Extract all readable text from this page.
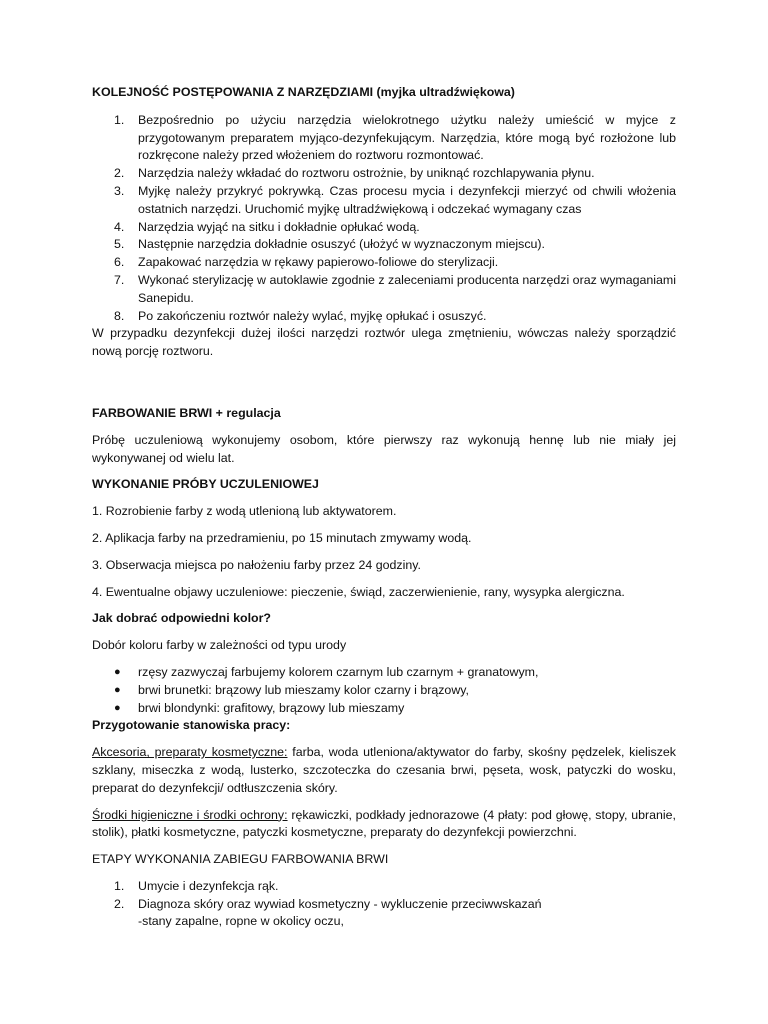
KOLEJNOŚĆ POSTĘPOWANIA Z NARZĘDZIAMI (myjka ultradźwiękowa)
1.	Bezpośrednio po użyciu narzędzia wielokrotnego użytku należy umieścić w myjce z przygotowanym preparatem myjąco-dezynfekującym. Narzędzia, które mogą być rozłożone lub rozkręcone należy przed włożeniem do roztworu rozmontować.
2.	Narzędzia należy wkładać do roztworu ostrożnie, by uniknąć rozchlapywania płynu.
3.	Myjkę należy przykryć pokrywką. Czas procesu mycia i dezynfekcji mierzyć od chwili włożenia ostatnich narzędzi. Uruchomić myjkę ultradźwiękową i odczekać wymagany czas
4.	Narzędzia wyjąć na sitku i dokładnie opłukać wodą.
5.	Następnie narzędzia dokładnie osuszyć (ułożyć w wyznaczonym miejscu).
6.	Zapakować narzędzia w rękawy papierowo-foliowe do sterylizacji.
7.	Wykonać sterylizację w autoklawie zgodnie z zaleceniami producenta narzędzi oraz wymaganiami Sanepidu.
8.	Po zakończeniu roztwór należy wylać, myjkę opłukać i osuszyć.

W przypadku dezynfekcji dużej ilości narzędzi roztwór ulega zmętnieniu, wówczas należy sporządzić nową porcję roztworu.

FARBOWANIE BRWI + regulacja

Próbę uczuleniową wykonujemy osobom, które pierwszy raz wykonują hennę lub nie miały jej wykonywanej od wielu lat.

WYKONANIE PRÓBY UCZULENIOWEJ

1. Rozrobienie farby z wodą utlenioną lub aktywatorem.

2. Aplikacja farby na przedramieniu, po 15 minutach zmywamy wodą.

3. Obserwacja miejsca po nałożeniu farby przez 24 godziny.

4. Ewentualne objawy uczuleniowe: pieczenie, świąd, zaczerwienienie, rany, wysypka alergiczna.

Jak dobrać odpowiedni kolor?

Dobór koloru farby w zależności od typu urody

● rzęsy zazwyczaj farbujemy kolorem czarnym lub czarnym + granatowym,
● brwi brunetki: brązowy lub mieszamy kolor czarny i brązowy,
● brwi blondynki: grafitowy, brązowy lub mieszamy

Przygotowanie stanowiska pracy:

Akcesoria, preparaty kosmetyczne: farba, woda utleniona/aktywator do farby, skośny pędzelek, kieliszek szklany, miseczka z wodą, lusterko, szczoteczka do czesania brwi, pęseta, wosk, patyczki do wosku, preparat do dezynfekcji/ odtłuszczenia skóry.

Środki higieniczne i środki ochrony: rękawiczki, podkłady jednorazowe (4 płaty: pod głowę, stopy, ubranie, stolik), płatki kosmetyczne, patyczki kosmetyczne, preparaty do dezynfekcji powierzchni.

ETAPY WYKONANIA ZABIEGU FARBOWANIA BRWI

1.	Umycie i dezynfekcja rąk.
2.	Diagnoza skóry oraz wywiad kosmetyczny - wykluczenie przeciwwskazań
-stany zapalne, ropne w okolicy oczu,
